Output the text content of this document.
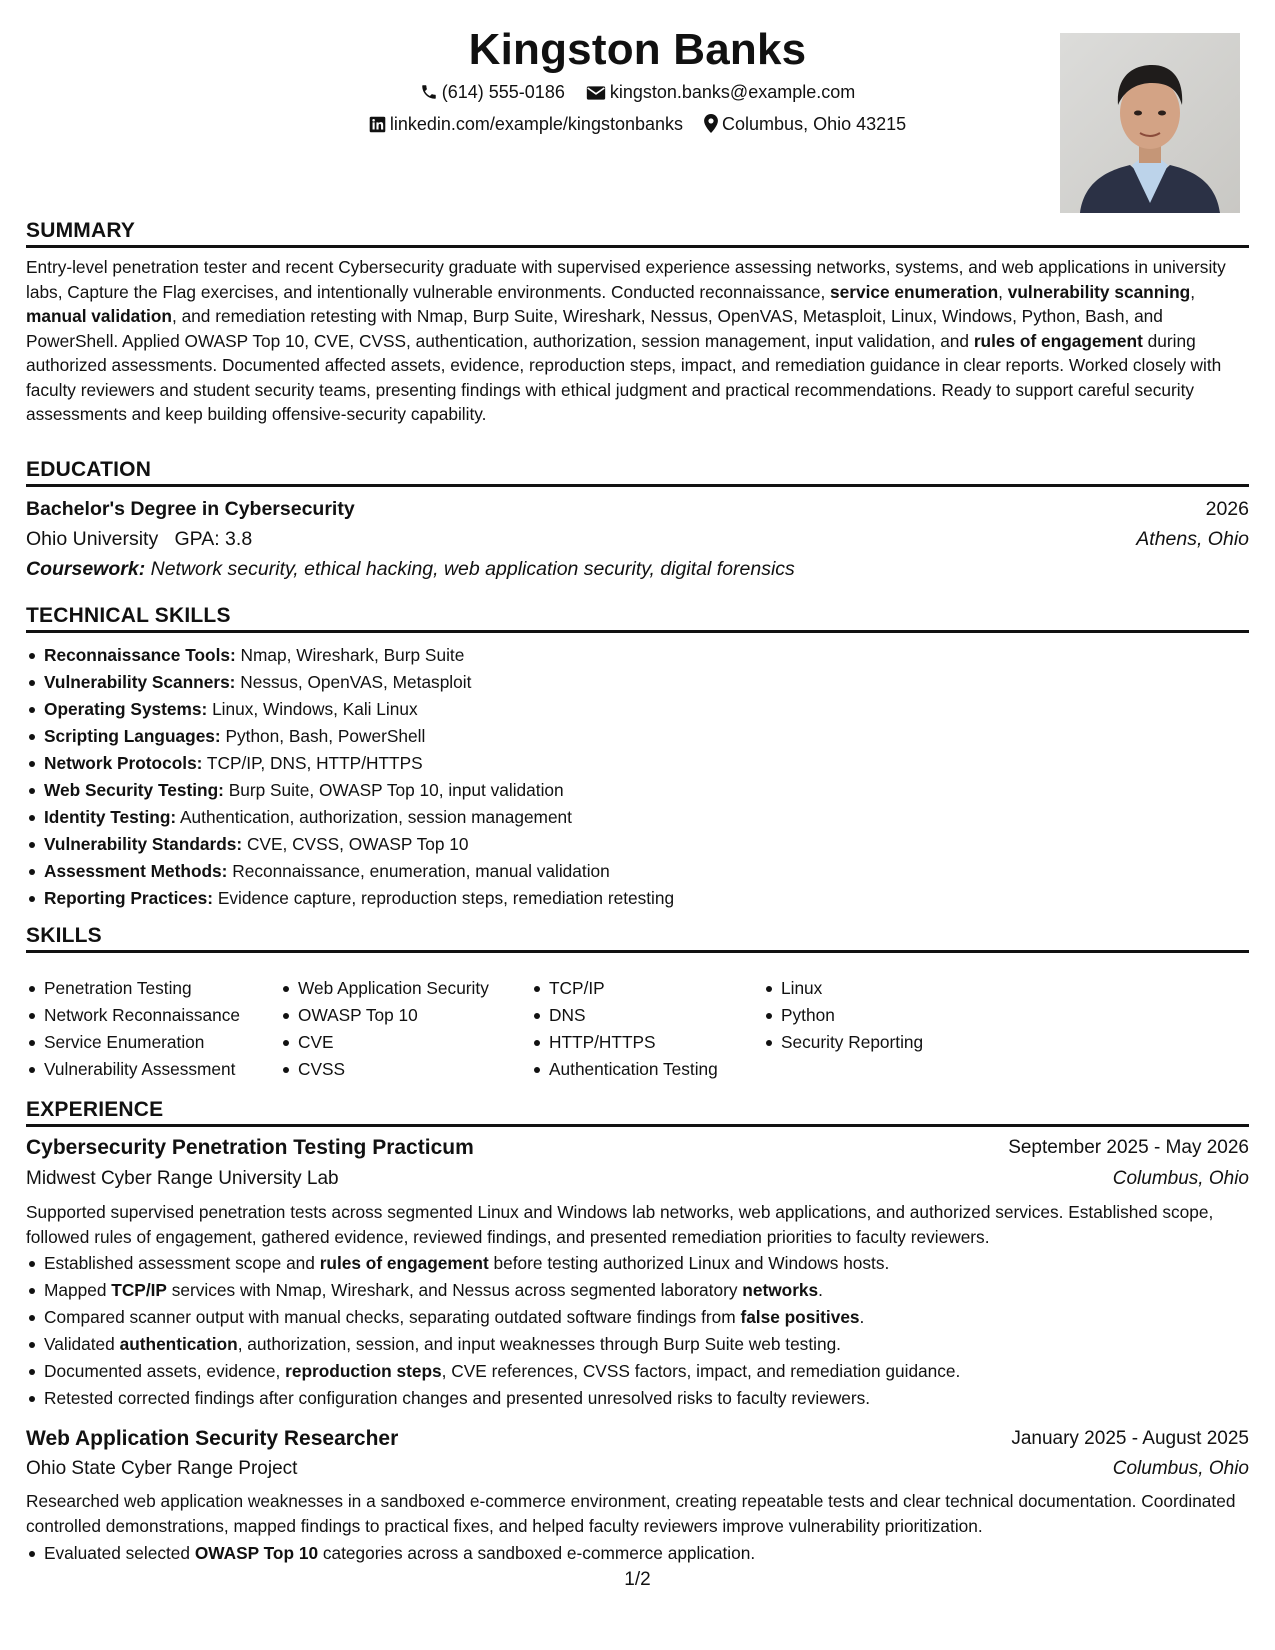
Kingston Banks
(614) 555-0186	kingston.banks@example.com
linkedin.com/example/kingstonbanks Columbus, Ohio 43215
SUMMARY
Entry-level penetration tester and recent Cybersecurity graduate with supervised experience assessing networks, systems, and web applications in university labs, Capture the Flag exercises, and intentionally vulnerable environments. Conducted reconnaissance, service enumeration, vulnerability scanning, manual validation, and remediation retesting with Nmap, Burp Suite, Wireshark, Nessus, OpenVAS, Metasploit, Linux, Windows, Python, Bash, and PowerShell. Applied OWASP Top 10, CVE, CVSS, authentication, authorization, session management, input validation, and rules of engagement during authorized assessments. Documented affected assets, evidence, reproduction steps, impact, and remediation guidance in clear reports. Worked closely with faculty reviewers and student security teams, presenting findings with ethical judgment and practical recommendations. Ready to support careful security assessments and keep building offensive-security capability.
EDUCATION
Bachelor's Degree in Cybersecurity	2026
Ohio University GPA: 3.8	Athens, Ohio
Coursework: Network security, ethical hacking, web application security, digital forensics
TECHNICAL SKILLS
Reconnaissance Tools: Nmap, Wireshark, Burp Suite
Vulnerability Scanners: Nessus, OpenVAS, Metasploit
Operating Systems: Linux, Windows, Kali Linux
Scripting Languages: Python, Bash, PowerShell
Network Protocols: TCP/IP, DNS, HTTP/HTTPS
Web Security Testing: Burp Suite, OWASP Top 10, input validation
Identity Testing: Authentication, authorization, session management
Vulnerability Standards: CVE, CVSS, OWASP Top 10
Assessment Methods: Reconnaissance, enumeration, manual validation
Reporting Practices: Evidence capture, reproduction steps, remediation retesting
SKILLS
Penetration Testing
Network Reconnaissance
Service Enumeration
Vulnerability Assessment
Web Application Security
OWASP Top 10
CVE
CVSS
TCP/IP
DNS
HTTP/HTTPS
Authentication Testing
Linux
Python
Security Reporting
EXPERIENCE
Cybersecurity Penetration Testing Practicum	September 2025 - May 2026
Midwest Cyber Range University Lab	Columbus, Ohio
Supported supervised penetration tests across segmented Linux and Windows lab networks, web applications, and authorized services. Established scope, followed rules of engagement, gathered evidence, reviewed findings, and presented remediation priorities to faculty reviewers.
Established assessment scope and rules of engagement before testing authorized Linux and Windows hosts.
Mapped TCP/IP services with Nmap, Wireshark, and Nessus across segmented laboratory networks.
Compared scanner output with manual checks, separating outdated software findings from false positives.
Validated authentication, authorization, session, and input weaknesses through Burp Suite web testing.
Documented assets, evidence, reproduction steps, CVE references, CVSS factors, impact, and remediation guidance.
Retested corrected findings after configuration changes and presented unresolved risks to faculty reviewers.
Web Application Security Researcher	January 2025 - August 2025
Ohio State Cyber Range Project	Columbus, Ohio
Researched web application weaknesses in a sandboxed e-commerce environment, creating repeatable tests and clear technical documentation. Coordinated controlled demonstrations, mapped findings to practical fixes, and helped faculty reviewers improve vulnerability prioritization.
Evaluated selected OWASP Top 10 categories across a sandboxed e-commerce application.
1/2
